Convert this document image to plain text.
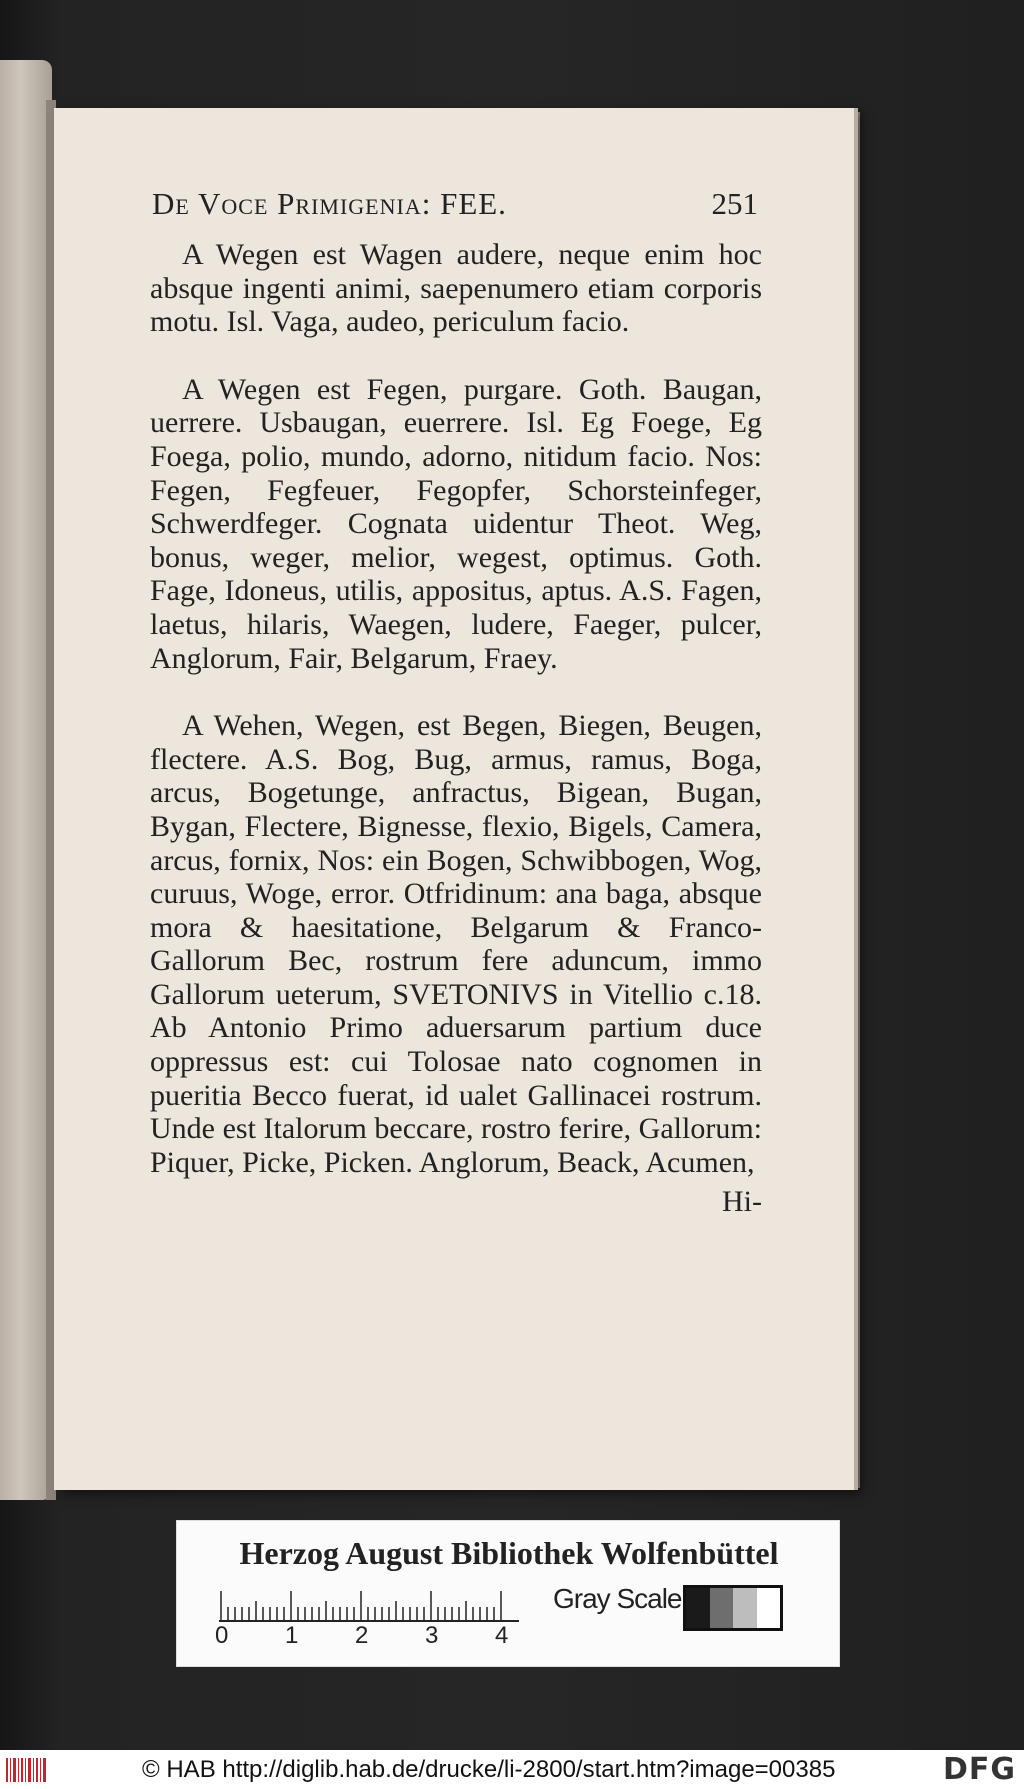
De Voce Primigenia: FEE.	251

A Wegen est Wagen audere, neque enim hoc absque ingenti animi, saepenumero etiam corporis motu. Isl. Vaga, audeo, periculum facio.

A Wegen est Fegen, purgare. Goth. Baugan, uerrere. Usbaugan, euerrere. Isl. Eg Foege, Eg Foega, polio, mundo, adorno, nitidum facio. Nos: Fegen, Fegfeuer, Fegopfer, Schorsteinfeger, Schwerdfeger. Cognata uidentur Theot. Weg, bonus, weger, melior, wegest, optimus. Goth. Fage, Idoneus, utilis, appositus, aptus. A.S. Fagen, laetus, hilaris, Waegen, ludere, Faeger, pulcer, Anglorum, Fair, Belgarum, Fraey.

A Wehen, Wegen, est Begen, Biegen, Beugen, flectere. A.S. Bog, Bug, armus, ramus, Boga, arcus, Bogetunge, anfractus, Bigean, Bugan, Bygan, Flectere, Bignesse, flexio, Bigels, Camera, arcus, fornix, Nos: ein Bogen, Schwibbogen, Wog, curuus, Woge, error. Otfridinum: ana baga, absque mora & haesitatione, Belgarum & Franco-Gallorum Bec, rostrum fere aduncum, immo Gallorum ueterum, SVETONIVS in Vitellio c.18. Ab Antonio Primo aduersarum partium duce oppressus est: cui Tolosae nato cognomen in pueritia Becco fuerat, id ualet Gallinacei rostrum. Unde est Italorum beccare, rostro ferire, Gallorum: Piquer, Picke, Picken. Anglorum, Beack, Acumen,

Hi-

Herzog August Bibliothek Wolfenbüttel
0 1 2 3 4
Gray Scale
© HAB http://diglib.hab.de/drucke/li-2800/start.htm?image=00385	DFG
